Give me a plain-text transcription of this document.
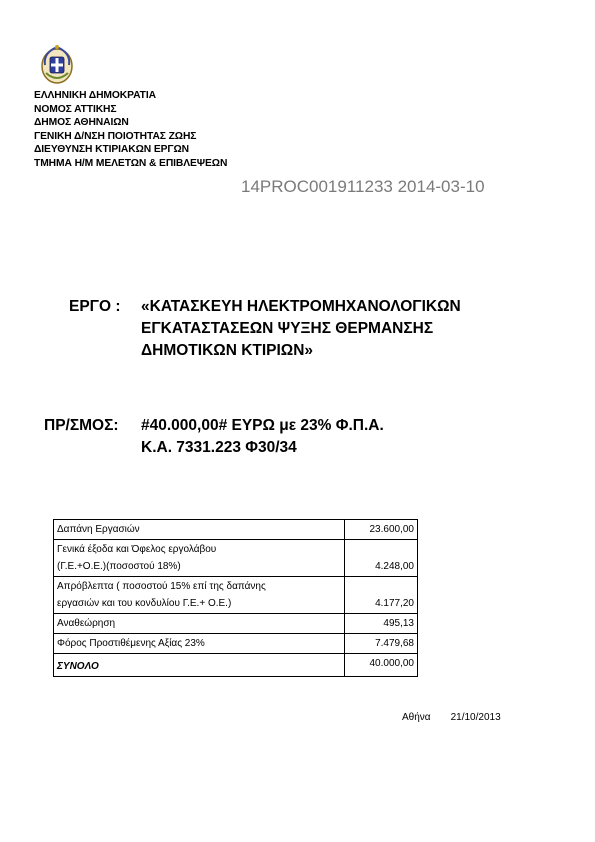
ΕΛΛΗΝΙΚΗ ΔΗΜΟΚΡΑΤΙΑ
ΝΟΜΟΣ ΑΤΤΙΚΗΣ
ΔΗΜΟΣ ΑΘΗΝΑΙΩΝ
ΓΕΝΙΚΗ Δ/ΝΣΗ ΠΟΙΟΤΗΤΑΣ ΖΩΗΣ
ΔΙΕΥΘΥΝΣΗ ΚΤΙΡΙΑΚΩΝ ΕΡΓΩΝ
ΤΜΗΜΑ Η/Μ ΜΕΛΕΤΩΝ & ΕΠΙΒΛΕΨΕΩΝ
14PROC001911233 2014-03-10
ΕΡΓΟ : «ΚΑΤΑΣΚΕΥΗ ΗΛΕΚΤΡΟΜΗΧΑΝΟΛΟΓΙΚΩΝ
ΕΓΚΑΤΑΣΤΑΣΕΩΝ ΨΥΞΗΣ ΘΕΡΜΑΝΣΗΣ
ΔΗΜΟΤΙΚΩΝ ΚΤΙΡΙΩΝ»
ΠΡ/ΣΜΟΣ: #40.000,00# ΕΥΡΩ με 23% Φ.Π.Α.
Κ.Α. 7331.223 Φ30/34
Δαπάνη Εργασιών	23.600,00

Γενικά έξοδα και Όφελος εργολάβου
(Γ.Ε.+Ο.Ε.)(ποσοστού 18%)	4.248,00

Απρόβλεπτα ( ποσοστού 15% επί της δαπάνης
εργασιών και του κονδυλίου Γ.Ε.+ Ο.Ε.)	4.177,20

Αναθεώρηση	495,13

Φόρος Προστιθέμενης Αξίας 23%	7.479,68
ΣΥΝΟΛΟ	40.000,00
Αθήνα 21/10/2013
